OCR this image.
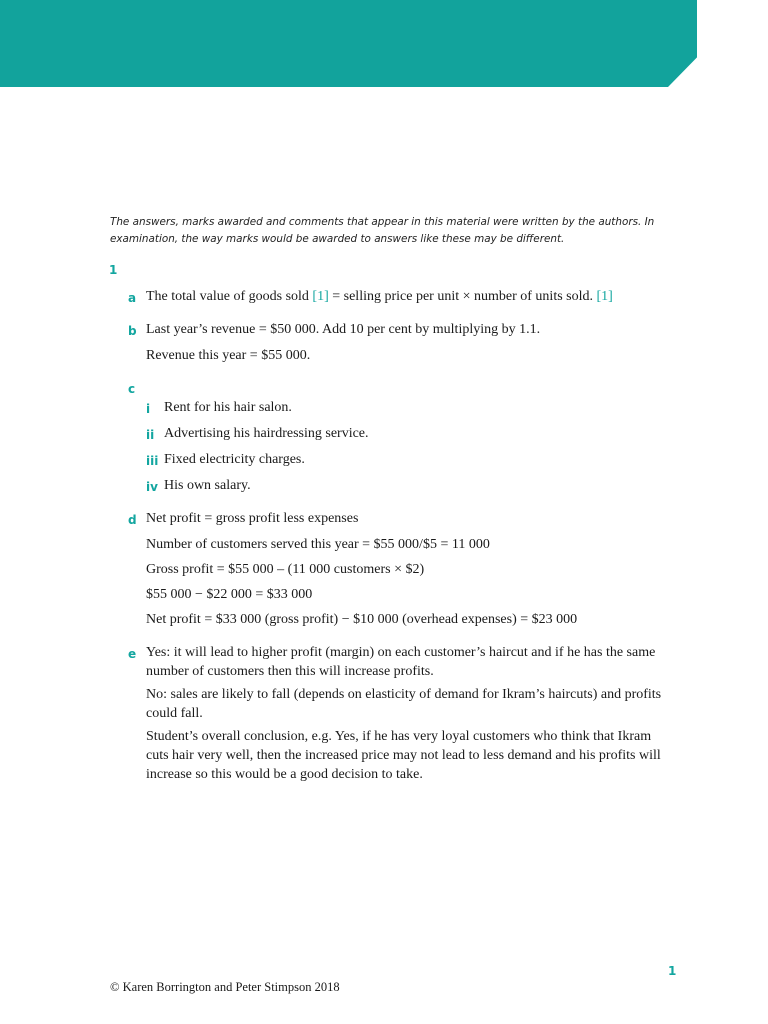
The answers, marks awarded and comments that appear in this material were written by the authors. In examination, the way marks would be awarded to answers like these may be different.
1
a The total value of goods sold [1] = selling price per unit × number of units sold. [1]
b Last year’s revenue = $50 000. Add 10 per cent by multiplying by 1.1.
Revenue this year = $55 000.
c
i Rent for his hair salon.
ii Advertising his hairdressing service.
iii Fixed electricity charges.
iv His own salary.
d Net profit = gross profit less expenses
Number of customers served this year = $55 000/$5 = 11 000
Gross profit = $55 000 – (11 000 customers × $2)
$55 000 − $22 000 = $33 000
Net profit = $33 000 (gross profit) − $10 000 (overhead expenses) = $23 000
e Yes: it will lead to higher profit (margin) on each customer’s haircut and if he has the same number of customers then this will increase profits.
No: sales are likely to fall (depends on elasticity of demand for Ikram’s haircuts) and profits could fall.
Student’s overall conclusion, e.g. Yes, if he has very loyal customers who think that Ikram cuts hair very well, then the increased price may not lead to less demand and his profits will increase so this would be a good decision to take.
1
© Karen Borrington and Peter Stimpson 2018
